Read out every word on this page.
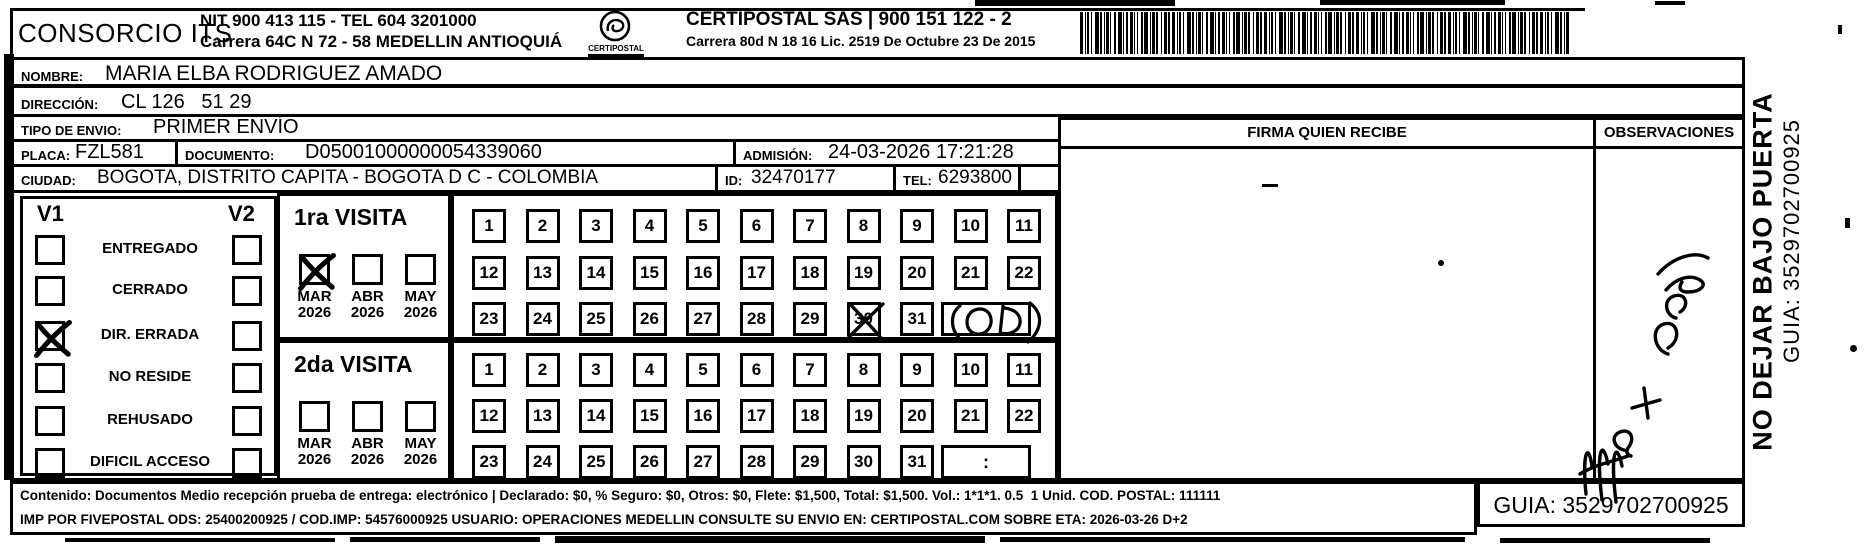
CONSORCIO ITS
NIT 900 413 115 - TEL 604 3201000
Carrera 64C N 72 - 58 MEDELLIN ANTIOQUIÁ	CERTIPOSTAL
CERTIPOSTAL SAS | 900 151 122 - 2
Carrera 80d N 18 16 Lic. 2519 De Octubre 23 De 2015
NOMBRE: MARIA ELBA RODRIGUEZ AMADO
DIRECCIÓN: CL 126   51 29
TIPO DE ENVIO: PRIMER ENVÍO
PLACA: FZL581	DOCUMENTO: D05001000000054339060	ADMISIÓN: 24-03-2026 17:21:28
CIUDAD: BOGOTA, DISTRITO CAPITA - BOGOTA D C - COLOMBIA	ID: 32470177	TEL: 6293800
V1	V2
ENTREGADO
CERRADO
DIR. ERRADA
NO RESIDE
REHUSADO
DIFICIL ACCESO
1ra VISITA
MAR
2026
ABR
2026
MAY
2026
2da VISITA
MAR
2026
ABR
2026
MAY
2026
1	2	3	4	5	6	7	8	9	10	11
12	13	14	15	16	17	18	19	20	21	22
23	24	25	26	27	28	29	30	31
1	2	3	4	5	6	7	8	9	10	11
12	13	14	15	16	17	18	19	20	21	22
23	24	25	26	27	28	29	30	31	:
FIRMA QUIEN RECIBE	OBSERVACIONES
Contenido: Documentos Medio recepción prueba de entrega: electrónico | Declarado: $0, % Seguro: $0, Otros: $0, Flete: $1,500, Total: $1,500. Vol.: 1*1*1. 0.5  1 Unid. COD. POSTAL: 111111
IMP POR FIVEPOSTAL ODS: 25400200925 / COD.IMP: 54576000925 USUARIO: OPERACIONES MEDELLIN CONSULTE SU ENVIO EN: CERTIPOSTAL.COM SOBRE ETA: 2026-03-26 D+2
GUIA: 3529702700925
NO DEJAR BAJO PUERTA GUIA: 3529702700925
